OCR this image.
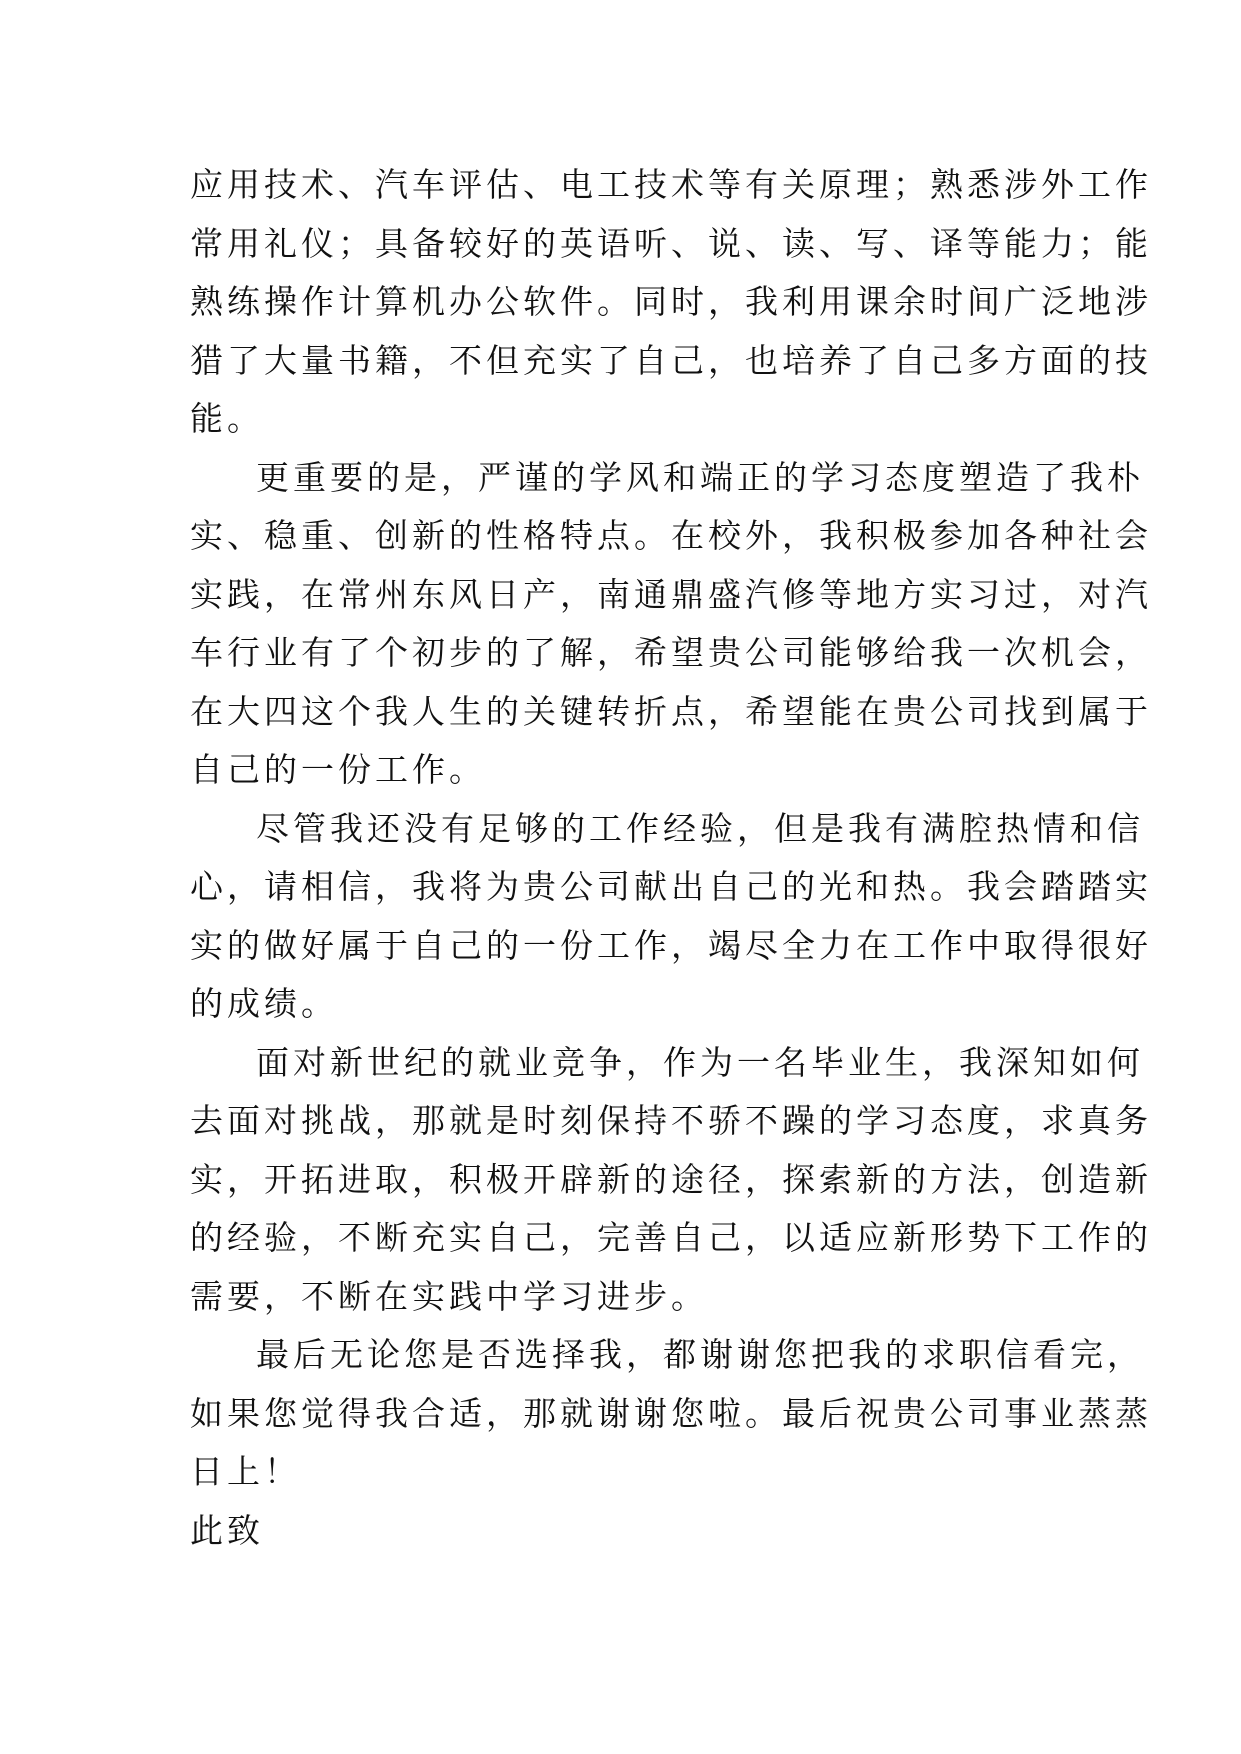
应用技术、汽车评估、电工技术等有关原理；熟悉涉外工作
常用礼仪；具备较好的英语听、说、读、写、译等能力；能
熟练操作计算机办公软件。同时，我利用课余时间广泛地涉
猎了大量书籍，不但充实了自己，也培养了自己多方面的技
能。
更重要的是，严谨的学风和端正的学习态度塑造了我朴
实、稳重、创新的性格特点。在校外，我积极参加各种社会
实践，在常州东风日产，南通鼎盛汽修等地方实习过，对汽
车行业有了个初步的了解，希望贵公司能够给我一次机会，
在大四这个我人生的关键转折点，希望能在贵公司找到属于
自己的一份工作。
尽管我还没有足够的工作经验，但是我有满腔热情和信
心，请相信，我将为贵公司献出自己的光和热。我会踏踏实
实的做好属于自己的一份工作，竭尽全力在工作中取得很好
的成绩。
面对新世纪的就业竞争，作为一名毕业生，我深知如何
去面对挑战，那就是时刻保持不骄不躁的学习态度，求真务
实，开拓进取，积极开辟新的途径，探索新的方法，创造新
的经验，不断充实自己，完善自己，以适应新形势下工作的
需要，不断在实践中学习进步。
最后无论您是否选择我，都谢谢您把我的求职信看完，
如果您觉得我合适，那就谢谢您啦。最后祝贵公司事业蒸蒸
日上！
此致
